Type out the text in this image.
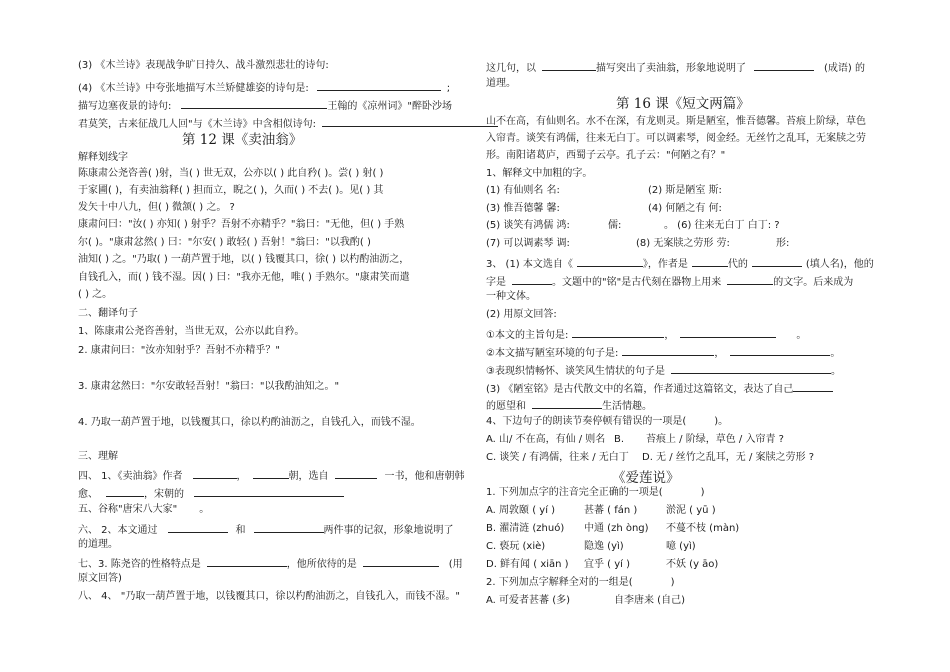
(3) 《木兰诗》表现战争旷日持久、战斗激烈悲壮的诗句:
(4) 《木兰诗》中夸张地描写木兰矫健雄姿的诗句是:	;
描写边塞夜景的诗句:	王翰的《凉州词》"醉卧沙场
君莫笑，古来征战几人回"与《木兰诗》中含相似诗句:
第 12 课《卖油翁》
解释划线字
陈康肃公尧咨善( )射，当( ) 世无双，公亦以( ) 此自矜( )。尝( ) 射( )
于家圃( )，有卖油翁释( ) 担而立，睨之( )，久而( ) 不去( )。见( ) 其
发矢十中八九，但( ) 微颔( ) 之。 ?
康肃问曰："汝( ) 亦知( ) 射乎？吾射不亦精乎？"翁曰："无他，但( ) 手熟
尔( )。"康肃忿然( ) 曰："尔安( ) 敢轻( ) 吾射！"翁曰："以我酌( )
油知( ) 之。"乃取( ) 一葫芦置于地，以( ) 钱覆其口，徐( ) 以杓酌油沥之，
自钱孔入，而( ) 钱不湿。因( ) 曰："我亦无他，唯( ) 手熟尔。"康肃笑而遣
( ) 之。
二、翻译句子
1、陈康肃公尧咨善射，当世无双，公亦以此自矜。
2. 康肃问曰："汝亦知射乎？吾射不亦精乎？"
3. 康肃忿然曰："尔安敢轻吾射！"翁曰："以我酌油知之。"
4. 乃取一葫芦置于地，以钱覆其口，徐以杓酌油沥之，自钱孔入，而钱不湿。
三、理解
四、 1、《卖油翁》作者	，	朝，选自	一书，他和唐朝韩
愈、	，宋朝的
五、谷称"唐宋八大家" 。
六、 2、本文通过	和	两件事的记叙，形象地说明了
的道理。
七、3. 陈尧咨的性格特点是	，他所依待的是	(用
原文回答)
八、 4、 "乃取一葫芦置于地，以钱覆其口，徐以杓酌油沥之，自钱孔入，而钱不湿。"
这几句，以	描写突出了卖油翁，形象地说明了	(成语) 的
道理。
第 16 课《短文两篇》
山不在高，有仙则名。水不在深，有龙则灵。斯是陋室，惟吾德馨。苔痕上阶绿，草色
入帘青。谈笑有鸿儒，往来无白丁。可以调素琴，阅金经。无丝竹之乱耳，无案牍之劳
形。南阳诸葛庐，西蜀子云亭。孔子云："何陋之有？"
1、解释文中加粗的字。
(1) 有仙则名 名:	(2) 斯是陋室 斯:
(3) 惟吾德馨 馨:	(4) 何陋之有 何:
(5) 谈笑有鸿儒 鸿:	儒:	。 (6) 往来无白丁 白丁: ?
(7) 可以调素琴 调:	(8) 无案牍之劳形 劳:	形:
3、 (1) 本文选自《	》，作者是	代的	(填人名)，他的
字是	。文题中的"铭"是古代刻在器物上用来	的文字。后来成为
一种文体。
(2) 用原文回答:
①本文的主旨句是:	，	。
②本文描写陋室环境的句子是:	，	。
③表现织情畅怀、谈笑风生情状的句子是	。
(3) 《陋室铭》是古代散文中的名篇，作者通过这篇铭文，表达了自己
的愿望和	生活情趣。
4、下边句子的朗读节奏停顿有错误的一项是(	)。
A. 山/ 不在高，有仙 / 则名 B. 苔痕上 / 阶绿，草色 / 入帘青 ?
C. 谈笑 / 有鸿儒，往来 / 无白丁 D. 无 / 丝竹之乱耳，无 / 案牍之劳形 ?
《爱莲说》
1. 下列加点字的注音完全正确的一项是(	)
A. 周敦颐 ( yí )	甚蕃 ( fán )	淤泥 ( yū )
B. 濯清涟 (zhuó) 中通 (zh òng) 不蔓不枝 (màn)
C. 亵玩 (xiè)	隐逸 (yì)	噫 (yì)
D. 鲜有闻 ( xiān ) 宜乎 ( yí )	不妖 (y āo)
2. 下列加点字解释全对的一组是(	)
A. 可爱者甚蕃 (多)	自李唐来 (自己)
